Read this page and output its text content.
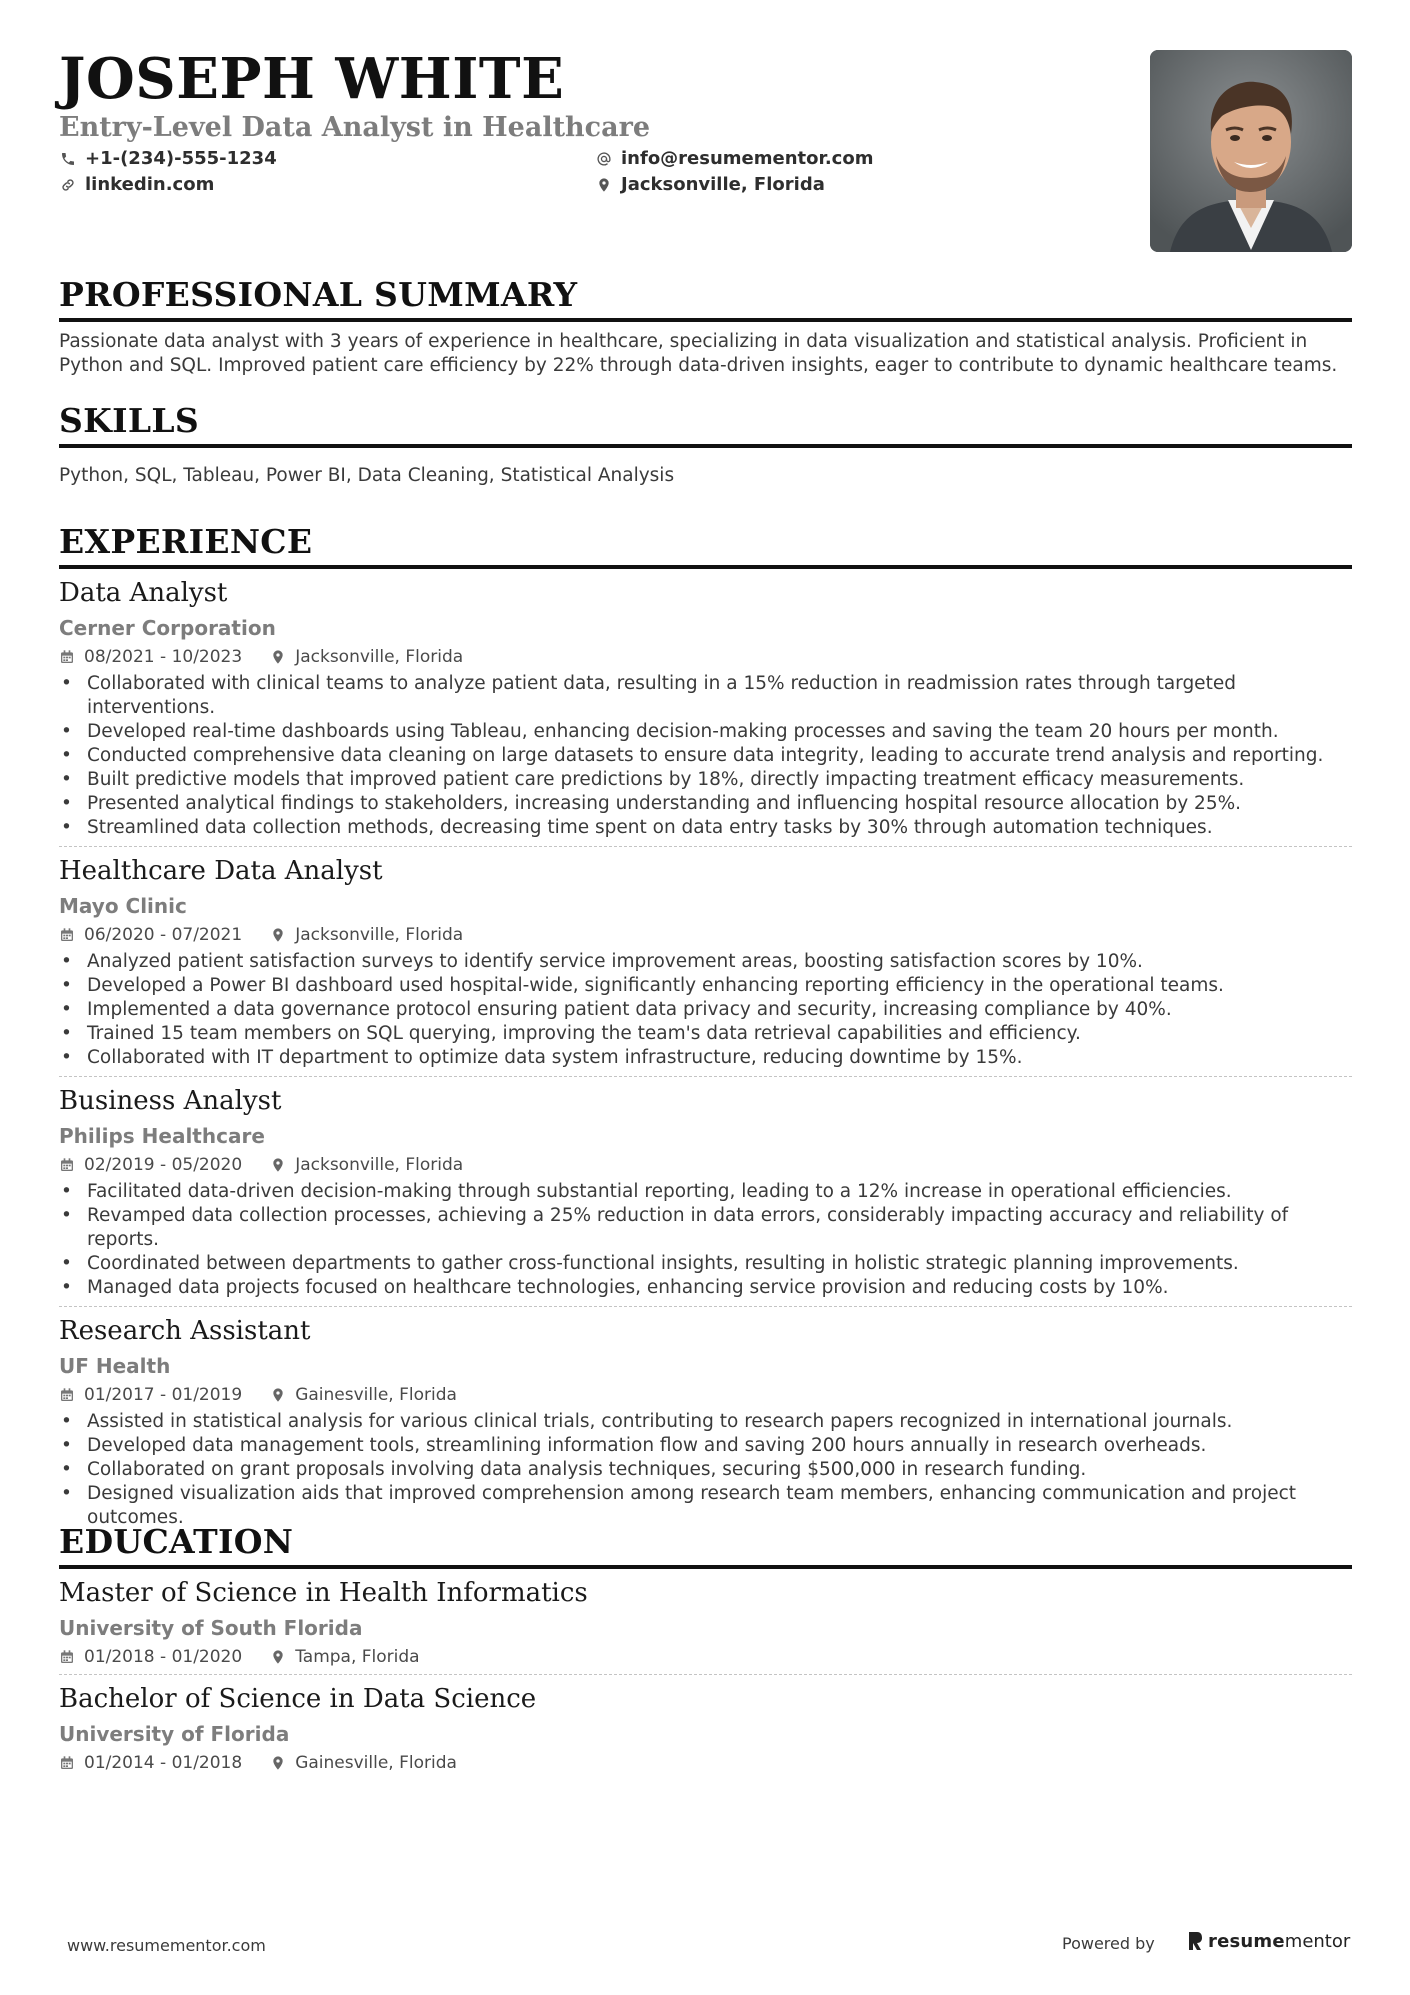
JOSEPH WHITE
Entry-Level Data Analyst in Healthcare
+1-(234)-555-1234
linkedin.com
info@resumementor.com
Jacksonville, Florida
PROFESSIONAL SUMMARY
Passionate data analyst with 3 years of experience in healthcare, specializing in data visualization and statistical analysis. Proficient in Python and SQL. Improved patient care efficiency by 22% through data-driven insights, eager to contribute to dynamic healthcare teams.
SKILLS
Python, SQL, Tableau, Power BI, Data Cleaning, Statistical Analysis
EXPERIENCE
Data Analyst
Cerner Corporation
08/2021 - 10/2023	Jacksonville, Florida
• Collaborated with clinical teams to analyze patient data, resulting in a 15% reduction in readmission rates through targeted interventions.
• Developed real-time dashboards using Tableau, enhancing decision-making processes and saving the team 20 hours per month.
• Conducted comprehensive data cleaning on large datasets to ensure data integrity, leading to accurate trend analysis and reporting.
• Built predictive models that improved patient care predictions by 18%, directly impacting treatment efficacy measurements.
• Presented analytical findings to stakeholders, increasing understanding and influencing hospital resource allocation by 25%.
• Streamlined data collection methods, decreasing time spent on data entry tasks by 30% through automation techniques.
Healthcare Data Analyst
Mayo Clinic
06/2020 - 07/2021	Jacksonville, Florida
• Analyzed patient satisfaction surveys to identify service improvement areas, boosting satisfaction scores by 10%.
• Developed a Power BI dashboard used hospital-wide, significantly enhancing reporting efficiency in the operational teams.
• Implemented a data governance protocol ensuring patient data privacy and security, increasing compliance by 40%.
• Trained 15 team members on SQL querying, improving the team's data retrieval capabilities and efficiency.
• Collaborated with IT department to optimize data system infrastructure, reducing downtime by 15%.
Business Analyst
Philips Healthcare
02/2019 - 05/2020	Jacksonville, Florida
• Facilitated data-driven decision-making through substantial reporting, leading to a 12% increase in operational efficiencies.
• Revamped data collection processes, achieving a 25% reduction in data errors, considerably impacting accuracy and reliability of reports.
• Coordinated between departments to gather cross-functional insights, resulting in holistic strategic planning improvements.
• Managed data projects focused on healthcare technologies, enhancing service provision and reducing costs by 10%.
Research Assistant
UF Health
01/2017 - 01/2019	Gainesville, Florida
• Assisted in statistical analysis for various clinical trials, contributing to research papers recognized in international journals.
• Developed data management tools, streamlining information flow and saving 200 hours annually in research overheads.
• Collaborated on grant proposals involving data analysis techniques, securing $500,000 in research funding.
• Designed visualization aids that improved comprehension among research team members, enhancing communication and project outcomes.
EDUCATION
Master of Science in Health Informatics
University of South Florida
01/2018 - 01/2020	Tampa, Florida
Bachelor of Science in Data Science
University of Florida
01/2014 - 01/2018	Gainesville, Florida
www.resumementor.com	Powered by	resume mentor
